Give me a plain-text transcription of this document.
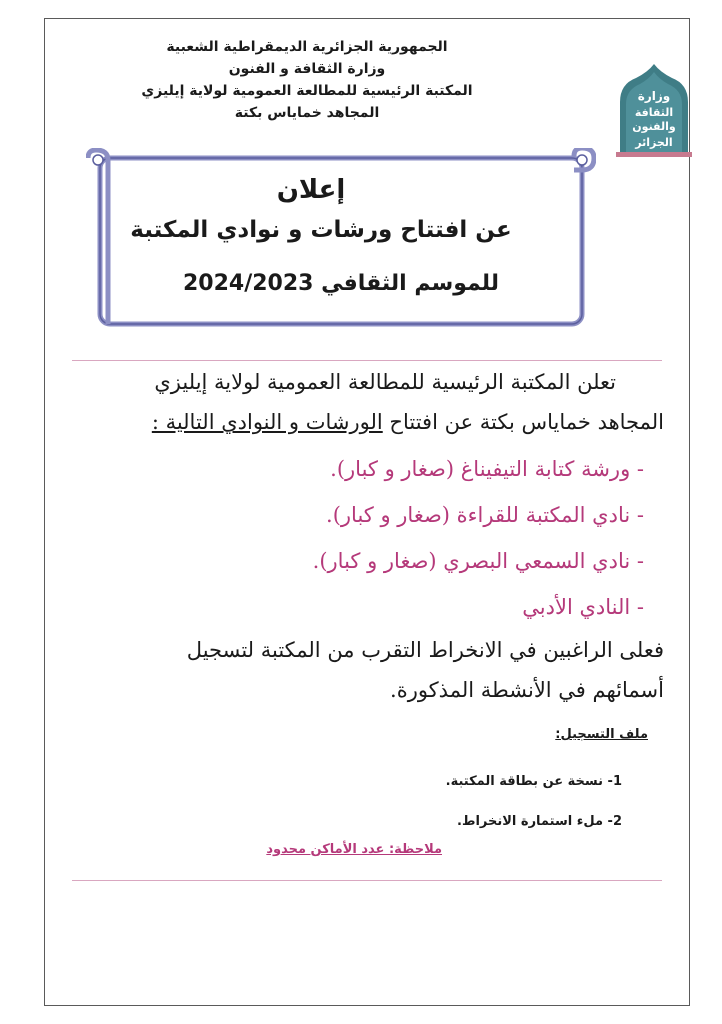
الجمهورية الجزائرية الديمقراطية الشعبية
وزارة الثقافة و الفنون
المكتبة الرئيسية للمطالعة العمومية لولاية إيليزي
المجاهد خماياس بكتة
وزارة
الثقافة
والفنون
الجزائر
إعلان
عن افتتاح ورشات و نوادي المكتبة
للموسم الثقافي 2024/2023

تعلن المكتبة الرئيسية للمطالعة العمومية لولاية إيليزي

المجاهد خماياس بكتة عن افتتاح الورشات و النوادي التالية :

- ورشة كتابة التيفيناغ (صغار و كبار).
- نادي المكتبة للقراءة (صغار و كبار).
- نادي السمعي البصري (صغار و كبار).
- النادي الأدبي

فعلى الراغبين في الانخراط التقرب من المكتبة لتسجيل

أسمائهم في الأنشطة المذكورة.

ملف التسجيل:
1- نسخة عن بطاقة المكتبة.
2- ملء استمارة الانخراط.
ملاحظة: عدد الأماكن محدود
